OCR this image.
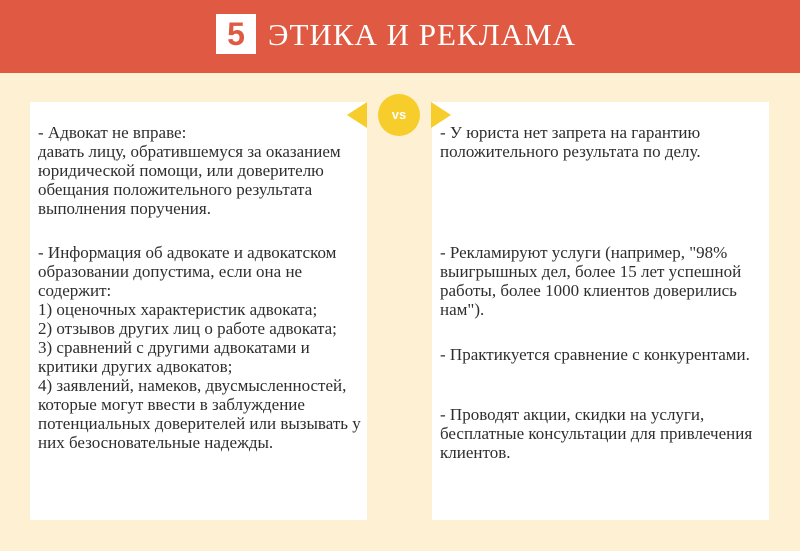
5 ЭТИКА И РЕКЛАМА

- Адвокат не вправе:
давать лицу, обратившемуся за оказанием юридической помощи, или доверителю обещания положительного результата выполнения поручения.

- Информация об адвокате и адвокатском образовании допустима, если она не содержит:
1) оценочных характеристик адвоката;
2) отзывов других лиц о работе адвоката;
3) сравнений с другими адвокатами и критики других адвокатов;
4) заявлений, намеков, двусмысленностей, которые могут ввести в заблуждение потенциальных доверителей или вызывать у них безосновательные надежды.

- У юриста нет запрета на гарантию положительного результата по делу.

- Рекламируют услуги (например, "98% выигрышных дел, более 15 лет успешной работы, более 1000 клиентов доверились нам").

- Практикуется сравнение с конкурентами.

- Проводят акции, скидки на услуги, бесплатные консультации для привлечения клиентов.

vs
